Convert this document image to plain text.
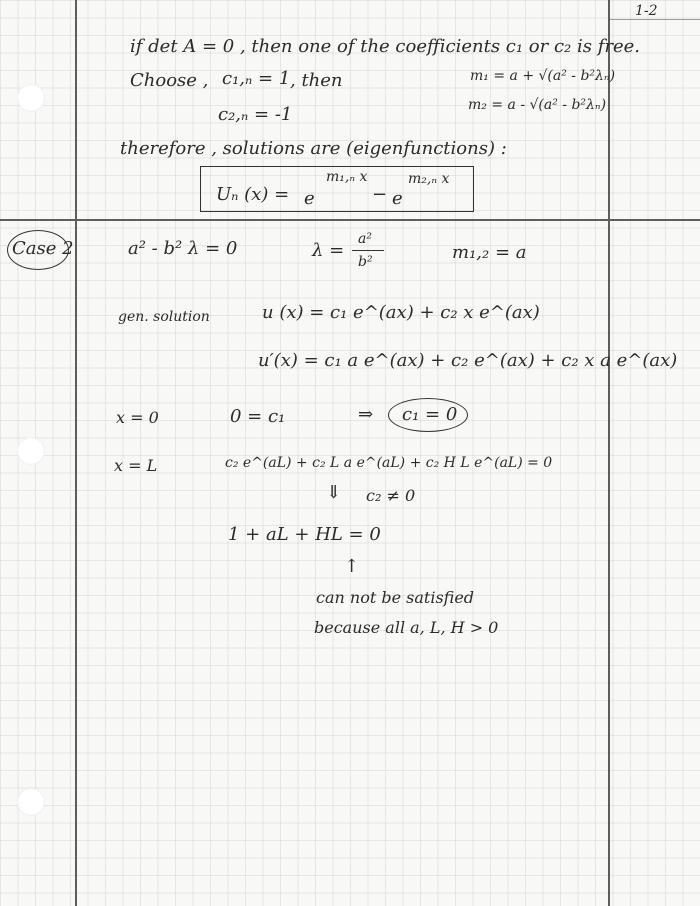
1-2
if det A = 0 , then one of the coefficients c₁ or c₂ is free.
Choose , c₁,ₙ = 1 , then	m₁ = a + √(a² - b²λₙ)
m₂ = a - √(a² - b²λₙ)
c₂,ₙ = -1
therefore , solutions are (eigenfunctions) :
Uₙ (x) = e
m₁,ₙ x
− e
m₂,ₙ x
Case 2	a² - b² λ = 0	λ =
a²
b²	m₁,₂ = a
gen. solution	u (x) = c₁ e^(ax) + c₂ x e^(ax)
u′(x) = c₁ a e^(ax) + c₂ e^(ax) + c₂ x a e^(ax)
x = 0	0 = c₁	⇒ c₁ = 0
x = L	c₂ e^(aL) + c₂ L a e^(aL) + c₂ H L e^(aL) = 0
⇓ c₂ ≠ 0
1 + aL + HL = 0
↑
can not be satisfied
because all a, L, H > 0
